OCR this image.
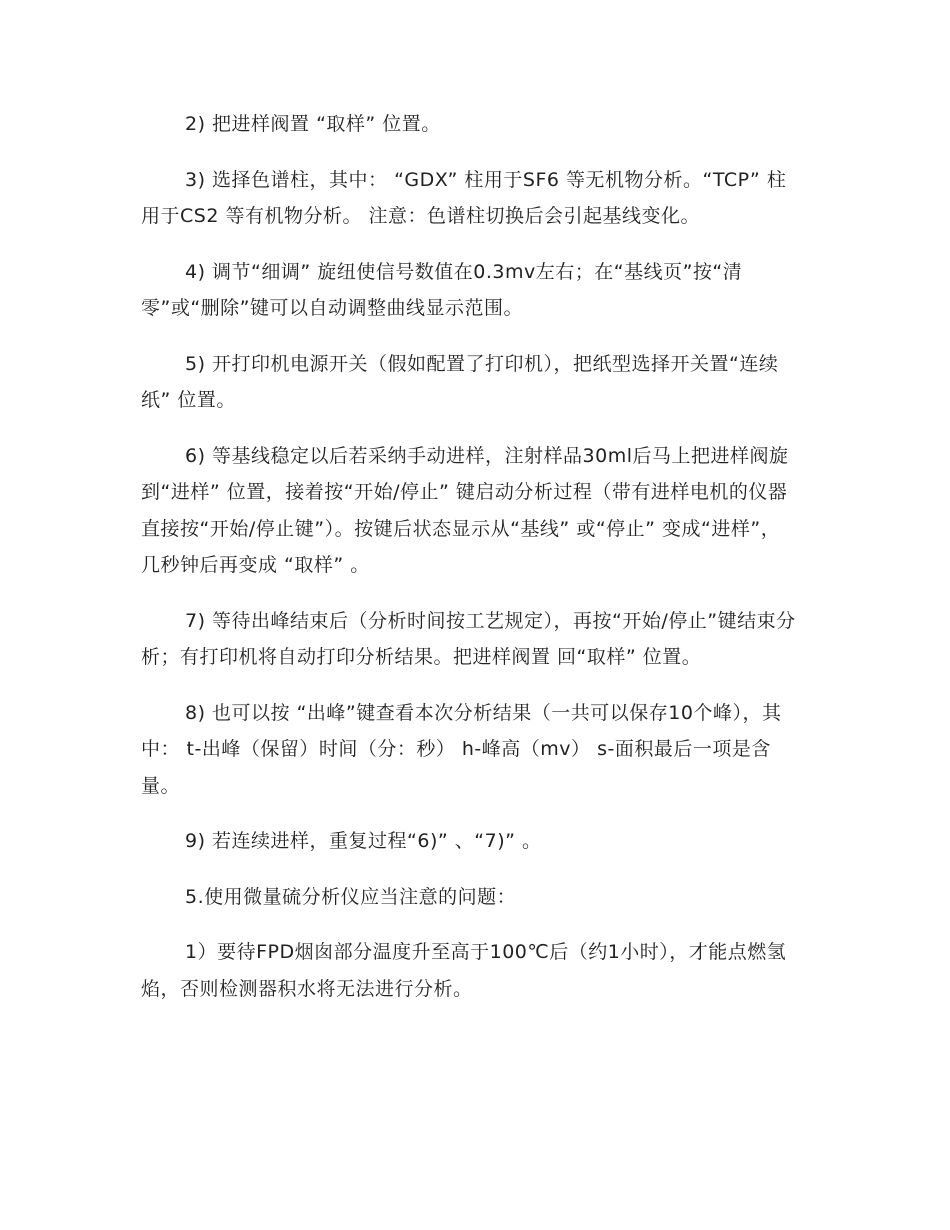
2) 把进样阀置 “取样” 位置。

3) 选择色谱柱，其中： “GDX” 柱用于SF6 等无机物分析。“TCP” 柱用于CS2 等有机物分析。 注意：色谱柱切换后会引起基线变化。

4) 调节“细调” 旋纽使信号数值在0.3mv左右；在“基线页”按“清零”或“删除”键可以自动调整曲线显示范围。

5) 开打印机电源开关（假如配置了打印机），把纸型选择开关置“连续纸” 位置。

6) 等基线稳定以后若采纳手动进样，注射样品30ml后马上把进样阀旋到“进样” 位置，接着按“开始/停止” 键启动分析过程（带有进样电机的仪器直接按“开始/停止键”）。按键后状态显示从“基线” 或“停止” 变成“进样”， 几秒钟后再变成 “取样” 。

7) 等待出峰结束后（分析时间按工艺规定），再按“开始/停止”键结束分析；有打印机将自动打印分析结果。把进样阀置 回“取样” 位置。

8) 也可以按 “出峰”键查看本次分析结果（一共可以保存10个峰），其中： t-出峰（保留）时间（分：秒） h-峰高（mv） s-面积最后一项是含量。

9) 若连续进样，重复过程“6)” 、“7)” 。

5.使用微量硫分析仪应当注意的问题：

1）要待FPD烟囱部分温度升至高于100℃后（约1小时），才能点燃氢焰，否则检测器积水将无法进行分析。
